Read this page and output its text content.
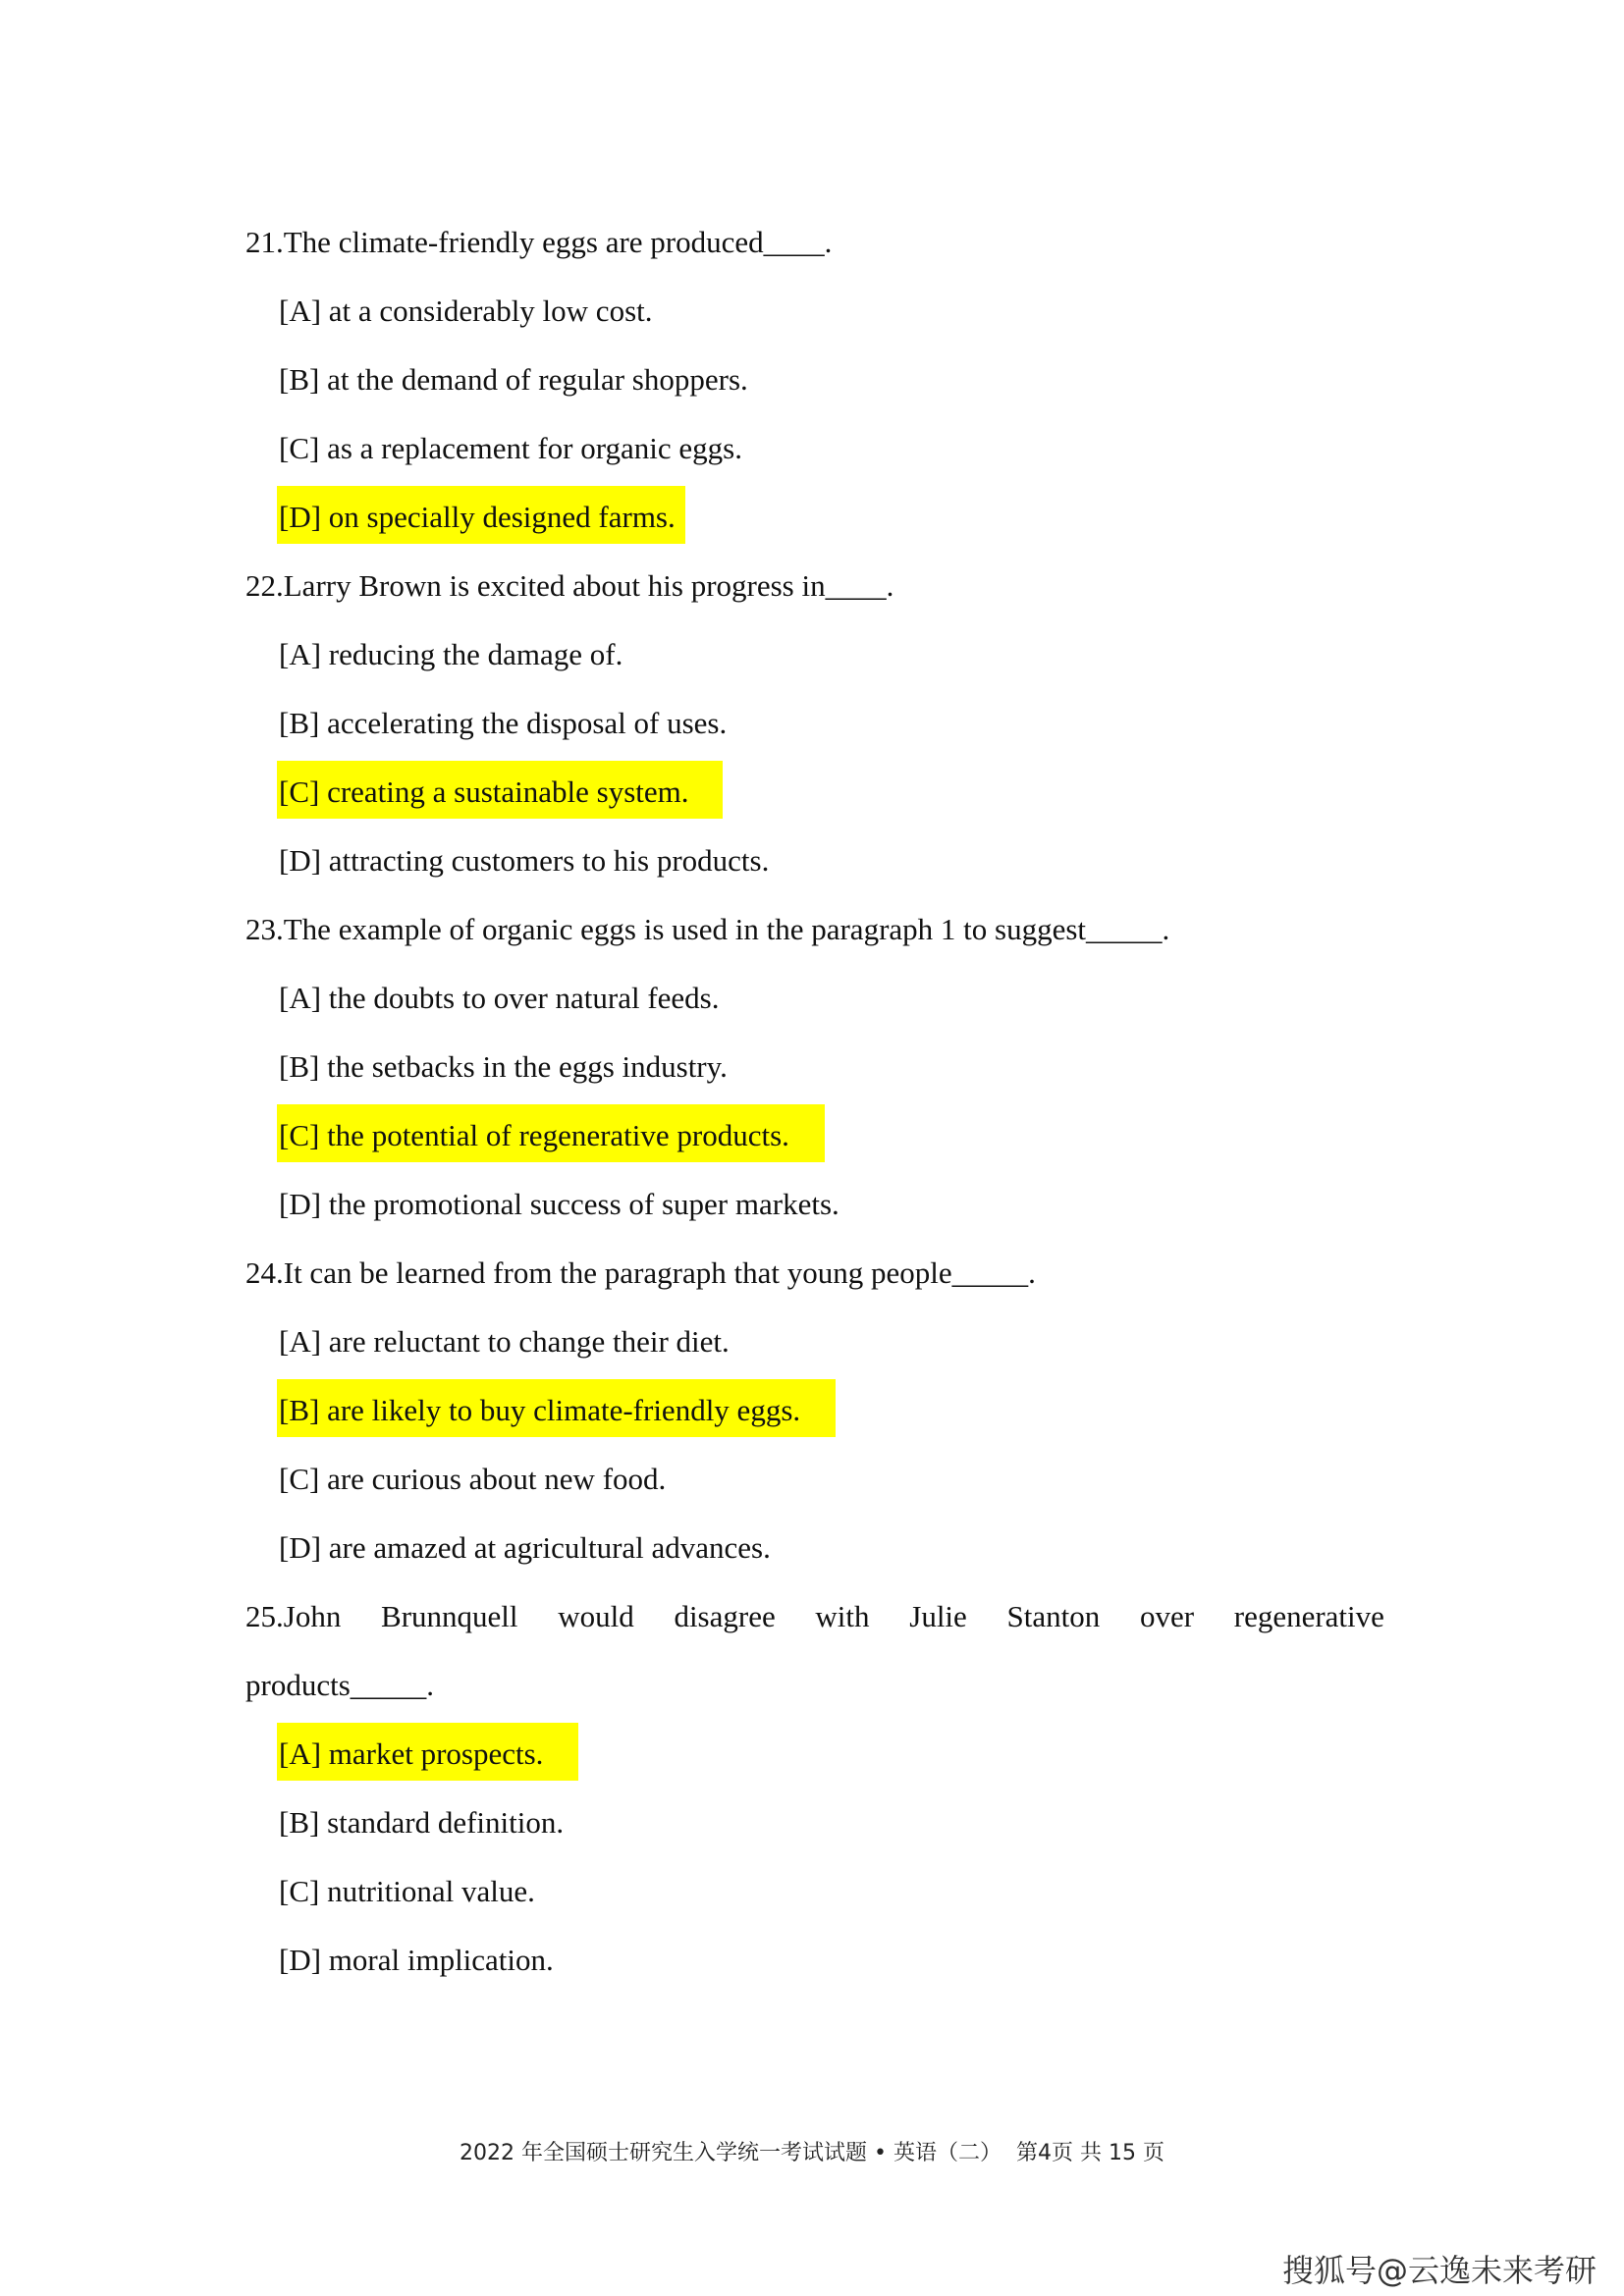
21.The climate-friendly eggs are produced____.
[A] at a considerably low cost.
[B] at the demand of regular shoppers.
[C] as a replacement for organic eggs.
[D] on specially designed farms.
22.Larry Brown is excited about his progress in____.
[A] reducing the damage of.
[B] accelerating the disposal of uses.
[C] creating a sustainable system.
[D] attracting customers to his products.
23.The example of organic eggs is used in the paragraph 1 to suggest_____.
[A] the doubts to over natural feeds.
[B] the setbacks in the eggs industry.
[C] the potential of regenerative products.
[D] the promotional success of super markets.
24.It can be learned from the paragraph that young people_____.
[A] are reluctant to change their diet.
[B] are likely to buy climate-friendly eggs.
[C] are curious about new food.
[D] are amazed at agricultural advances.
25.John Brunnquell would disagree with Julie Stanton over regenerative
products_____.
[A] market prospects.
[B] standard definition.
[C] nutritional value.
[D] moral implication.
2022 年全国硕士研究生入学统一考试试题 • 英语（二） 第4页 共 15 页
搜狐号@云逸未来考研
